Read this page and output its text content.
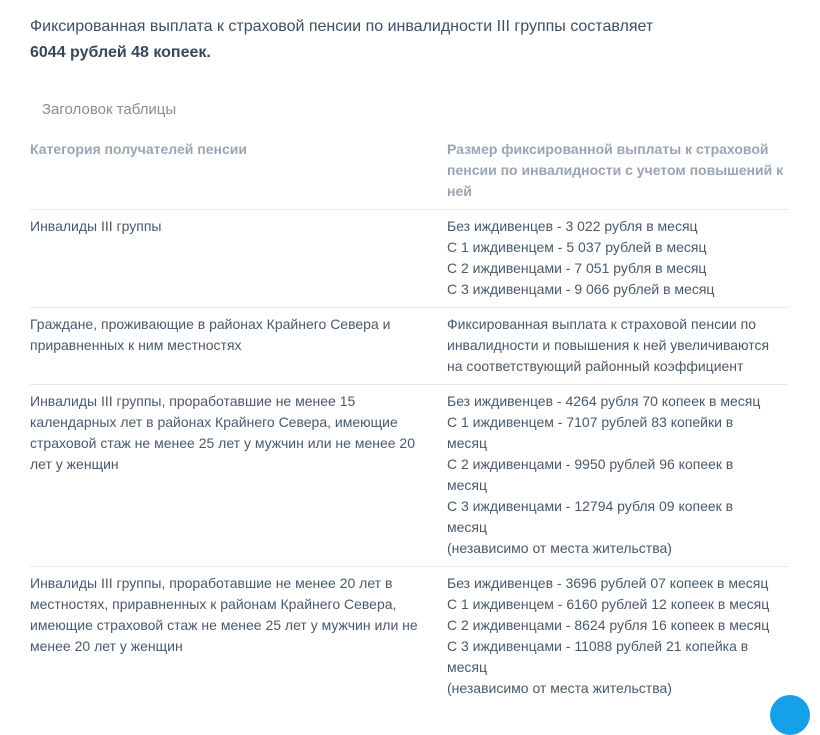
Фиксированная выплата к страховой пенсии по инвалидности III группы составляет
6044 рублей 48 копеек.
Заголовок таблицы
Категория получателей пенсии	Размер фиксированной выплаты к страховой
пенсии по инвалидности с учетом повышений к
ней
Инвалиды III группы	Без иждивенцев - 3 022 рубля в месяц
С 1 иждивенцем - 5 037 рублей в месяц
С 2 иждивенцами - 7 051 рубля в месяц
С 3 иждивенцами - 9 066 рублей в месяц
Граждане, проживающие в районах Крайнего Севера и
приравненных к ним местностях
Фиксированная выплата к страховой пенсии по
инвалидности и повышения к ней увеличиваются
на соответствующий районный коэффициент
Инвалиды III группы, проработавшие не менее 15
календарных лет в районах Крайнего Севера, имеющие
страховой стаж не менее 25 лет у мужчин или не менее 20
лет у женщин
Без иждивенцев - 4264 рубля 70 копеек в месяц
С 1 иждивенцем - 7107 рублей 83 копейки в
месяц
С 2 иждивенцами - 9950 рублей 96 копеек в
месяц
С 3 иждивенцами - 12794 рубля 09 копеек в
месяц
(независимо от места жительства)
Инвалиды III группы, проработавшие не менее 20 лет в
местностях, приравненных к районам Крайнего Севера,
имеющие страховой стаж не менее 25 лет у мужчин или не
менее 20 лет у женщин
Без иждивенцев - 3696 рублей 07 копеек в месяц
С 1 иждивенцем - 6160 рублей 12 копеек в месяц
С 2 иждивенцами - 8624 рубля 16 копеек в месяц
С 3 иждивенцами - 11088 рублей 21 копейка в
месяц
(независимо от места жительства)
